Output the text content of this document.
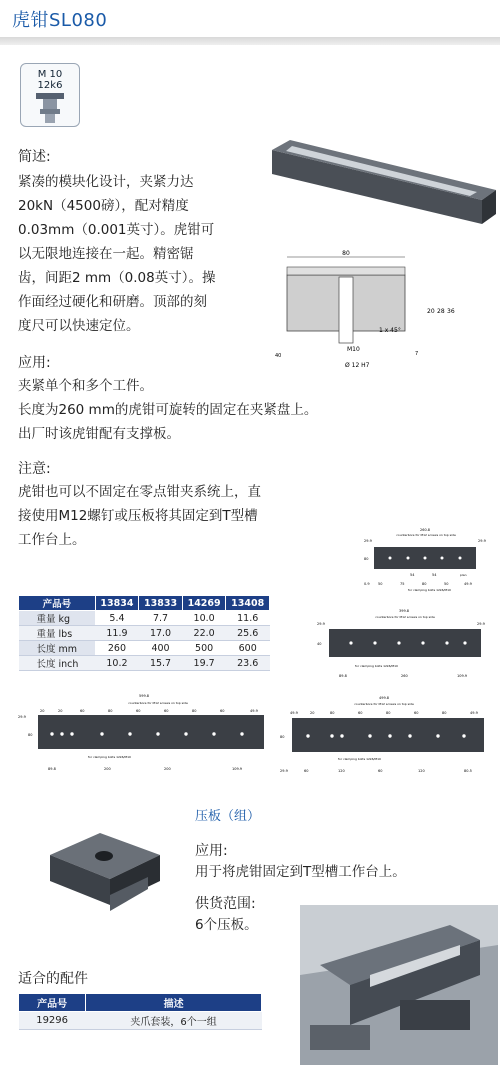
虎钳SL080
M 10
12k6
80
1 x 45°
M10
Ø 12 H7
20 28 36
40	7
简述:
紧凑的模块化设计，夹紧力达
20kN（4500磅），配对精度
0.03mm（0.001英寸）。虎钳可
以无限地连接在一起。精密锯
齿，间距2 mm（0.08英寸）。操
作面经过硬化和研磨。顶部的刻
度尺可以快速定位。
应用:
夹紧单个和多个工件。
长度为260 mm的虎钳可旋转的固定在夹紧盘上。
出厂时该虎钳配有支撑板。
注意:
虎钳也可以不固定在零点钳夹系统上，直
接使用M12螺钉或压板将其固定到T型槽
工作台上。
260.8
counterbore for M12 screws on top side
29.9	29.9
54	54	plan
0.9 50	75	80	50	49.9
80
for clamping bolts 12k6/M10
产品号	13834	13833	14269	13408
重量 kg	5.4	7.7	10.0	11.6
重量 lbs	11.9	17.0	22.0	25.6
长度 mm	260	400	500	600
长度 inch	10.2	15.7	19.7	23.6
399.8
counterbore for M12 screws on top side
29.9	29.9
40
for clamping bolts 12k6/M10
89.8	260	109.9
599.8
counterbore for M12 screws on top side
20	20	60	80	60	60	80	60	49.9
29.9
80
for clamping bolts 12k6/M10
89.8	200	200	109.9
499.8
counterbore for M12 screws on top side
49.9	20	80	60	80	60	80	49.9
80
for clamping bolts 12k6/M10
29.9	60	120	60	120	80.5
压板（组）
应用:
用于将虎钳固定到T型槽工作台上。
供货范围:
6个压板。
适合的配件
产品号	描述
19296	夹爪套装，6个一组
